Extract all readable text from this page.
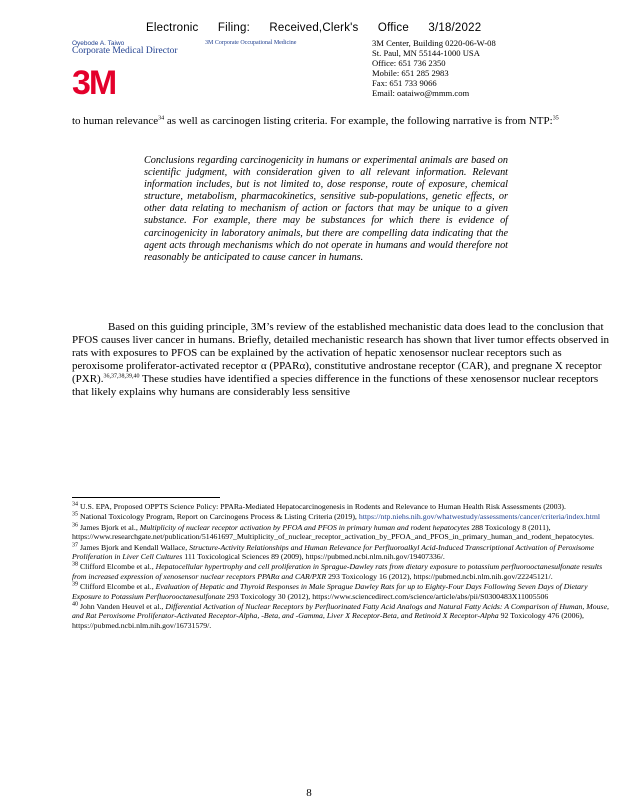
Electronic Filing: Received,Clerk's Office 3/18/2022
Oyebode A. Taiwo
Corporate Medical Director
3M Corporate Occupational Medicine	3M Center, Building 0220-06-W-08
St. Paul, MN 55144-1000 USA
Office: 651 736 2350
Mobile: 651 285 2983
Fax: 651 733 9066
Email: oataiwo@mmm.com
3M
to human relevance$^{34}$ as well as carcinogen listing criteria. For example, the following narrative is from NTP:$^{35}$
Conclusions regarding carcinogenicity in humans or experimental animals are based on scientific judgment, with consideration given to all relevant information. Relevant information includes, but is not limited to, dose response, route of exposure, chemical structure, metabolism, pharmacokinetics, sensitive sub-populations, genetic effects, or other data relating to mechanism of action or factors that may be unique to a given substance. For example, there may be substances for which there is evidence of carcinogenicity in laboratory animals, but there are compelling data indicating that the agent acts through mechanisms which do not operate in humans and would therefore not reasonably be anticipated to cause cancer in humans.
Based on this guiding principle, 3M’s review of the established mechanistic data does lead to the conclusion that PFOS causes liver cancer in humans. Briefly, detailed mechanistic research has shown that liver tumor effects observed in rats with exposures to PFOS can be explained by the activation of hepatic xenosensor nuclear receptors such as peroxisome proliferator-activated receptor α (PPARα), constitutive androstane receptor (CAR), and pregnane X receptor (PXR).$^{36,37,38,39,40}$ These studies have identified a species difference in the functions of these xenosensor nuclear receptors that likely explains why humans are considerably less sensitive
$^{34}$ U.S. EPA, Proposed OPPTS Science Policy: PPARa-Mediated Hepatocarcinogenesis in Rodents and Relevance to Human Health Risk Assessments (2003).
$^{35}$ National Toxicology Program, Report on Carcinogens Process & Listing Criteria (2019), https://ntp.niehs.nih.gov/whatwestudy/assessments/cancer/criteria/index.html
$^{36}$ James Bjork et al., Multiplicity of nuclear receptor activation by PFOA and PFOS in primary human and rodent hepatocytes 288 Toxicology 8 (2011), https://www.researchgate.net/publication/51461697_Multiplicity_of_nuclear_receptor_activation_by_PFOA_and_PFOS_in_primary_human_and_rodent_hepatocytes.
$^{37}$ James Bjork and Kendall Wallace, Structure-Activity Relationships and Human Relevance for Perfluoroalkyl Acid-Induced Transcriptional Activation of Peroxisome Proliferation in Liver Cell Cultures 111 Toxicological Sciences 89 (2009), https://pubmed.ncbi.nlm.nih.gov/19407336/.
$^{38}$ Clifford Elcombe et al., Hepatocellular hypertrophy and cell proliferation in Sprague-Dawley rats from dietary exposure to potassium perfluorooctanesulfonate results from increased expression of xenosensor nuclear receptors PPARα and CAR/PXR 293 Toxicology 16 (2012), https://pubmed.ncbi.nlm.nih.gov/22245121/.
$^{39}$ Clifford Elcombe et al., Evaluation of Hepatic and Thyroid Responses in Male Sprague Dawley Rats for up to Eighty-Four Days Following Seven Days of Dietary Exposure to Potassium Perfluorooctanesulfonate 293 Toxicology 30 (2012), https://www.sciencedirect.com/science/article/abs/pii/S0300483X11005506
$^{40}$ John Vanden Heuvel et al., Differential Activation of Nuclear Receptors by Perfluorinated Fatty Acid Analogs and Natural Fatty Acids: A Comparison of Human, Mouse, and Rat Peroxisome Proliferator-Activated Receptor-Alpha, -Beta, and -Gamma, Liver X Receptor-Beta, and Retinoid X Receptor-Alpha 92 Toxicology 476 (2006), https://pubmed.ncbi.nlm.nih.gov/16731579/.
8
